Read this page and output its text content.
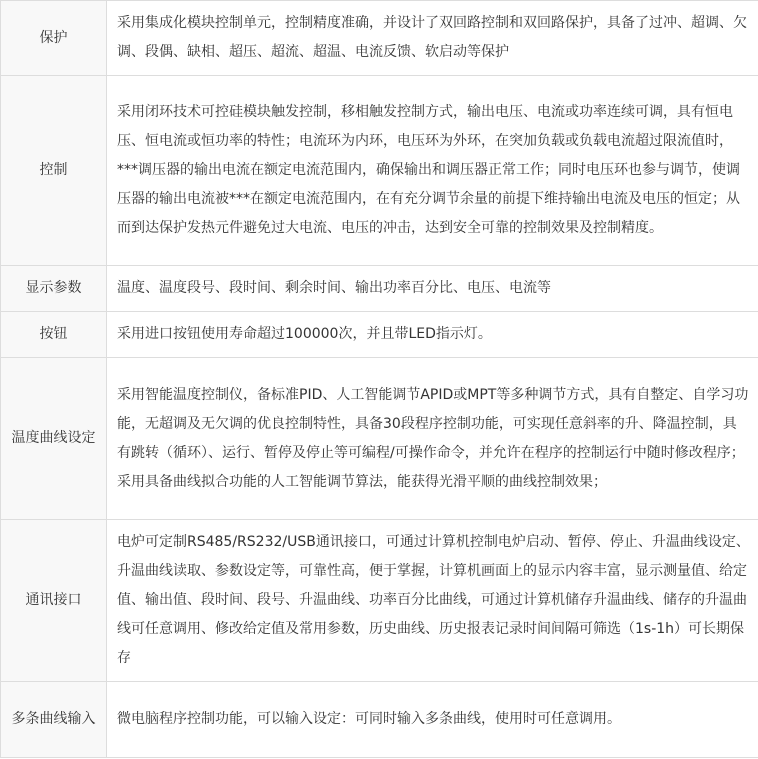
保护	采用集成化模块控制单元，控制精度准确，并设计了双回路控制和双回路保护，具备了过冲、超调、欠调、段偶、缺相、超压、超流、超温、电流反馈、软启动等保护
控制	采用闭环技术可控硅模块触发控制，移相触发控制方式，输出电压、电流或功率连续可调，具有恒电压、恒电流或恒功率的特性；电流环为内环，电压环为外环，在突加负载或负载电流超过限流值时，***调压器的输出电流在额定电流范围内，确保输出和调压器正常工作；同时电压环也参与调节，使调压器的输出电流被***在额定电流范围内，在有充分调节余量的前提下维持输出电流及电压的恒定；从而到达保护发热元件避免过大电流、电压的冲击，达到安全可靠的控制效果及控制精度。
显示参数	温度、温度段号、段时间、剩余时间、输出功率百分比、电压、电流等
按钮	采用进口按钮使用寿命超过100000次，并且带LED指示灯。
温度曲线设定	采用智能温度控制仪，备标准PID、人工智能调节APID或MPT等多种调节方式，具有自整定、自学习功能，无超调及无欠调的优良控制特性，具备30段程序控制功能，可实现任意斜率的升、降温控制，具有跳转（循环）、运行、暂停及停止等可编程/可操作命令，并允许在程序的控制运行中随时修改程序；采用具备曲线拟合功能的人工智能调节算法，能获得光滑平顺的曲线控制效果；
通讯接口	电炉可定制RS485/RS232/USB通讯接口，可通过计算机控制电炉启动、暂停、停止、升温曲线设定、升温曲线读取、参数设定等，可靠性高，便于掌握，计算机画面上的显示内容丰富，显示测量值、给定值、输出值、段时间、段号、升温曲线、功率百分比曲线，可通过计算机储存升温曲线、储存的升温曲线可任意调用、修改给定值及常用参数，历史曲线、历史报表记录时间间隔可筛选（1s-1h）可长期保存
多条曲线输入	微电脑程序控制功能，可以输入设定：可同时输入多条曲线，使用时可任意调用。
